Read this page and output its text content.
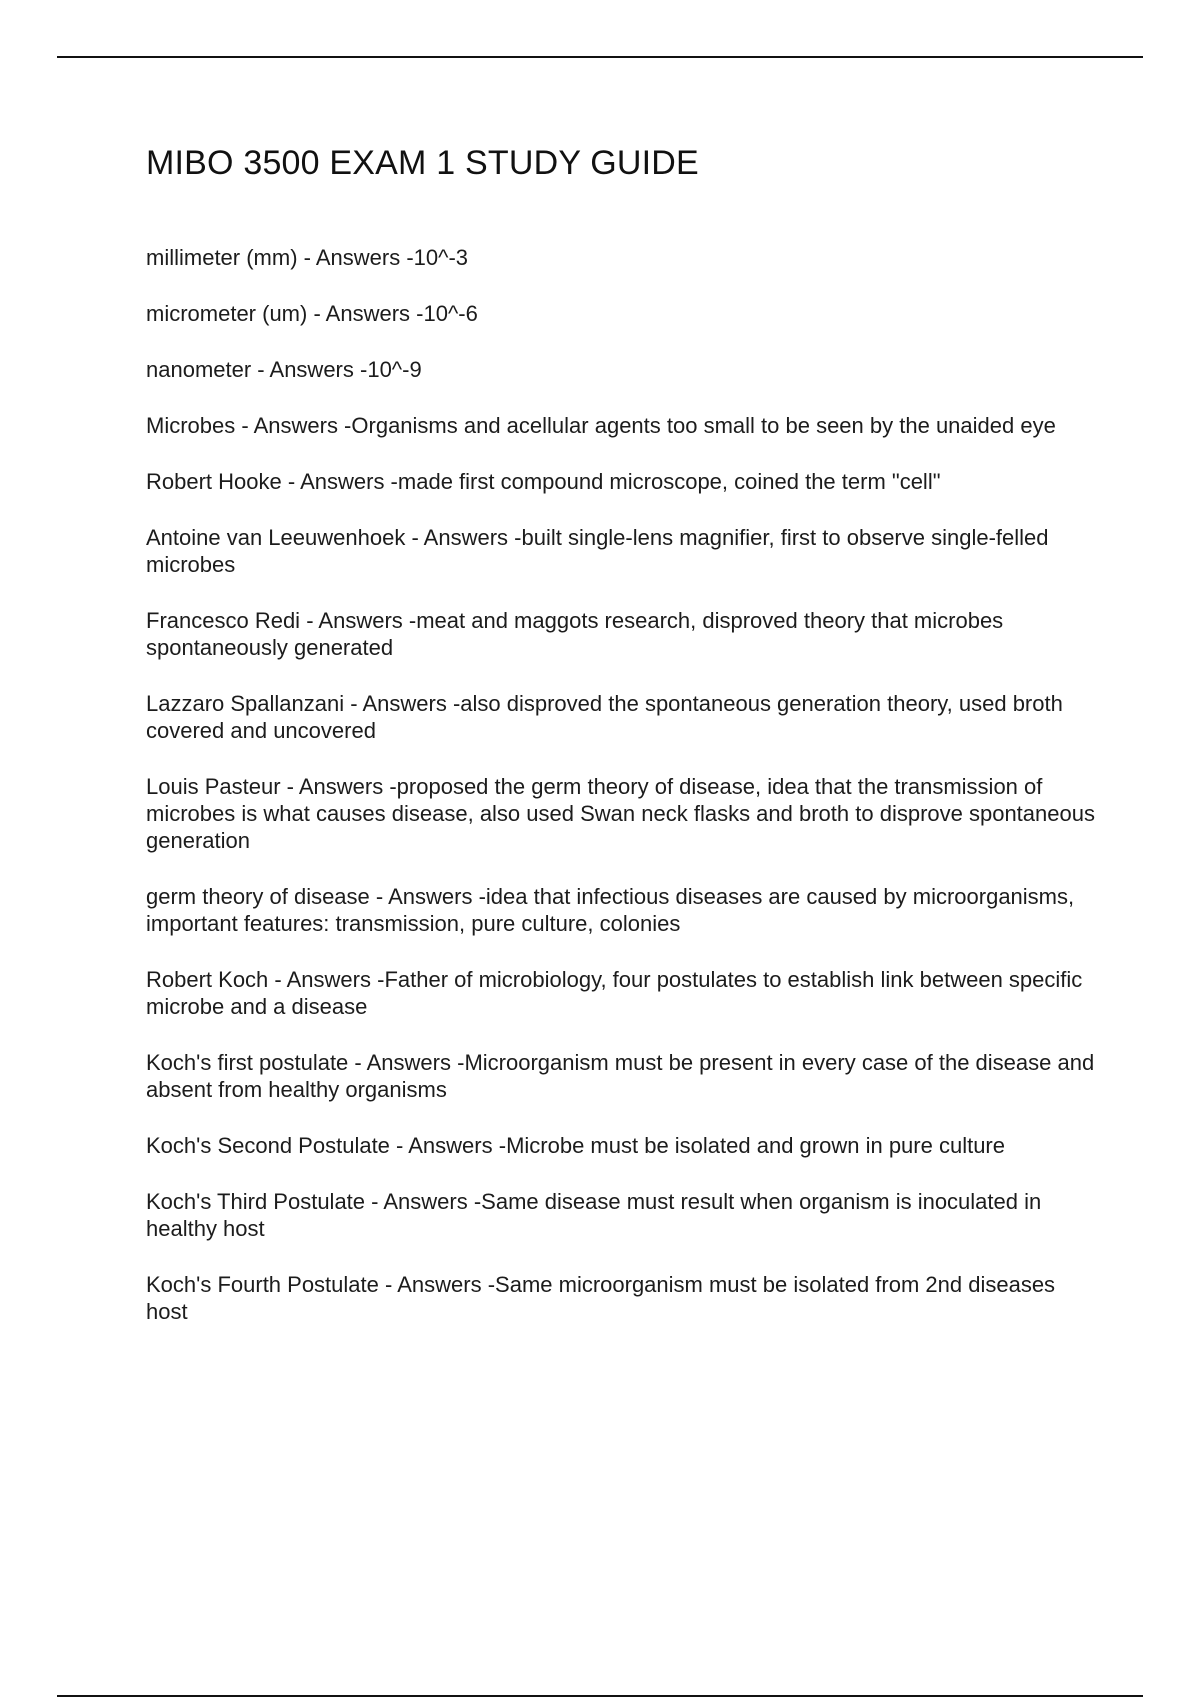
MIBO 3500 EXAM 1 STUDY GUIDE
millimeter (mm) - Answers -10^-3
micrometer (um) - Answers -10^-6
nanometer - Answers -10^-9
Microbes - Answers -Organisms and acellular agents too small to be seen by the unaided eye
Robert Hooke - Answers -made first compound microscope, coined the term "cell"
Antoine van Leeuwenhoek - Answers -built single-lens magnifier, first to observe single-felled microbes
Francesco Redi - Answers -meat and maggots research, disproved theory that microbes spontaneously generated
Lazzaro Spallanzani - Answers -also disproved the spontaneous generation theory, used broth covered and uncovered
Louis Pasteur - Answers -proposed the germ theory of disease, idea that the transmission of microbes is what causes disease, also used Swan neck flasks and broth to disprove spontaneous generation
germ theory of disease - Answers -idea that infectious diseases are caused by microorganisms, important features: transmission, pure culture, colonies
Robert Koch - Answers -Father of microbiology, four postulates to establish link between specific microbe and a disease
Koch's first postulate - Answers -Microorganism must be present in every case of the disease and absent from healthy organisms
Koch's Second Postulate - Answers -Microbe must be isolated and grown in pure culture
Koch's Third Postulate - Answers -Same disease must result when organism is inoculated in healthy host
Koch's Fourth Postulate - Answers -Same microorganism must be isolated from 2nd diseases host
